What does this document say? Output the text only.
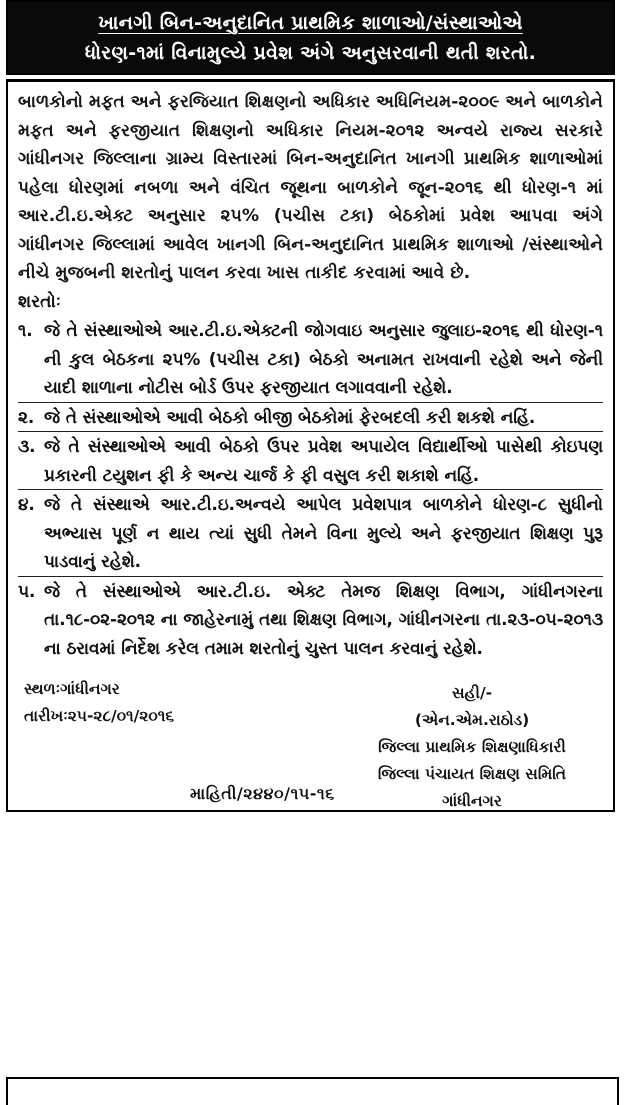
ખાનગી બિન-અનુદાનિત પ્રાથમિક શાળાઓ/સંસ્થાઓએ
ધોરણ-૧માં વિનામુલ્યે પ્રવેશ અંગે અનુસરવાની થતી શરતો.

બાળકોનો મફત અને ફરજિયાત શિક્ષણનો અધિકાર અધિનિયમ-૨૦૦૯ અને બાળકોને મફત અને ફરજીયાત શિક્ષણનો અધિકાર નિયમ-૨૦૧૨ અન્વયે રાજ્ય સરકારે ગાંધીનગર જિલ્લાના ગ્રામ્ય વિસ્તારમાં બિન-અનુદાનિત ખાનગી પ્રાથમિક શાળાઓમાં પહેલા ધોરણમાં નબળા અને વંચિત જૂથના બાળકોને જૂન-૨૦૧૬ થી ધોરણ-૧ માં આર.ટી.ઇ.એક્ટ અનુસાર ૨૫% (પચીસ ટકા) બેઠકોમાં પ્રવેશ આપવા અંગે ગાંધીનગર જિલ્લામાં આવેલ ખાનગી બિન-અનુદાનિત પ્રાથમિક શાળાઓ /સંસ્થાઓને નીચે મુજબની શરતોનું પાલન કરવા ખાસ તાકીદ કરવામાં આવે છે.

શરતોઃ

૧. જે તે સંસ્થાઓએ આર.ટી.ઇ.એક્ટની જોગવાઇ અનુસાર જુલાઇ-૨૦૧૬ થી ધોરણ-૧ ની કુલ બેઠકના ૨૫% (પચીસ ટકા) બેઠકો અનામત રાખવાની રહેશે અને જેની યાદી શાળાના નોટીસ બોર્ડ ઉપર ફરજીયાત લગાવવાની રહેશે.
૨. જે તે સંસ્થાઓએ આવી બેઠકો બીજી બેઠકોમાં ફેરબદલી કરી શકશે નહિં.
૩. જે તે સંસ્થાઓએ આવી બેઠકો ઉપર પ્રવેશ અપાયેલ વિદ્યાર્થીઓ પાસેથી કોઇપણ પ્રકારની ટયુશન ફી કે અન્ય ચાર્જ કે ફી વસુલ કરી શકાશે નહિં.
૪. જે તે સંસ્થાએ આર.ટી.ઇ.અન્વયે આપેલ પ્રવેશપાત્ર બાળકોને ધોરણ-૮ સુધીનો અભ્યાસ પૂર્ણ ન થાય ત્યાં સુધી તેમને વિના મુલ્યે અને ફરજીયાત શિક્ષણ પુરૂ પાડવાનું રહેશે.
૫. જે તે સંસ્થાઓએ આર.ટી.ઇ. એક્ટ તેમજ શિક્ષણ વિભાગ, ગાંધીનગરના તા.૧૮-૦૨-૨૦૧૨ ના જાહેરનામું તથા શિક્ષણ વિભાગ, ગાંધીનગરના તા.૨૩-૦૫-૨૦૧૩ ના ઠરાવમાં નિર્દેશ કરેલ તમામ શરતોનું ચુસ્ત પાલન કરવાનું રહેશે.
સ્થળઃગાંધીનગર
તારીખઃ૨૫-૨૮/૦૧/૨૦૧૬
સહી/-
(એન.એમ.રાઠોડ)
જિલ્લા પ્રાથમિક શિક્ષણાધિકારી
જિલ્લા પંચાયત શિક્ષણ સમિતિ
ગાંધીનગર
માહિતી/૨૪૪૦/૧૫-૧૬
